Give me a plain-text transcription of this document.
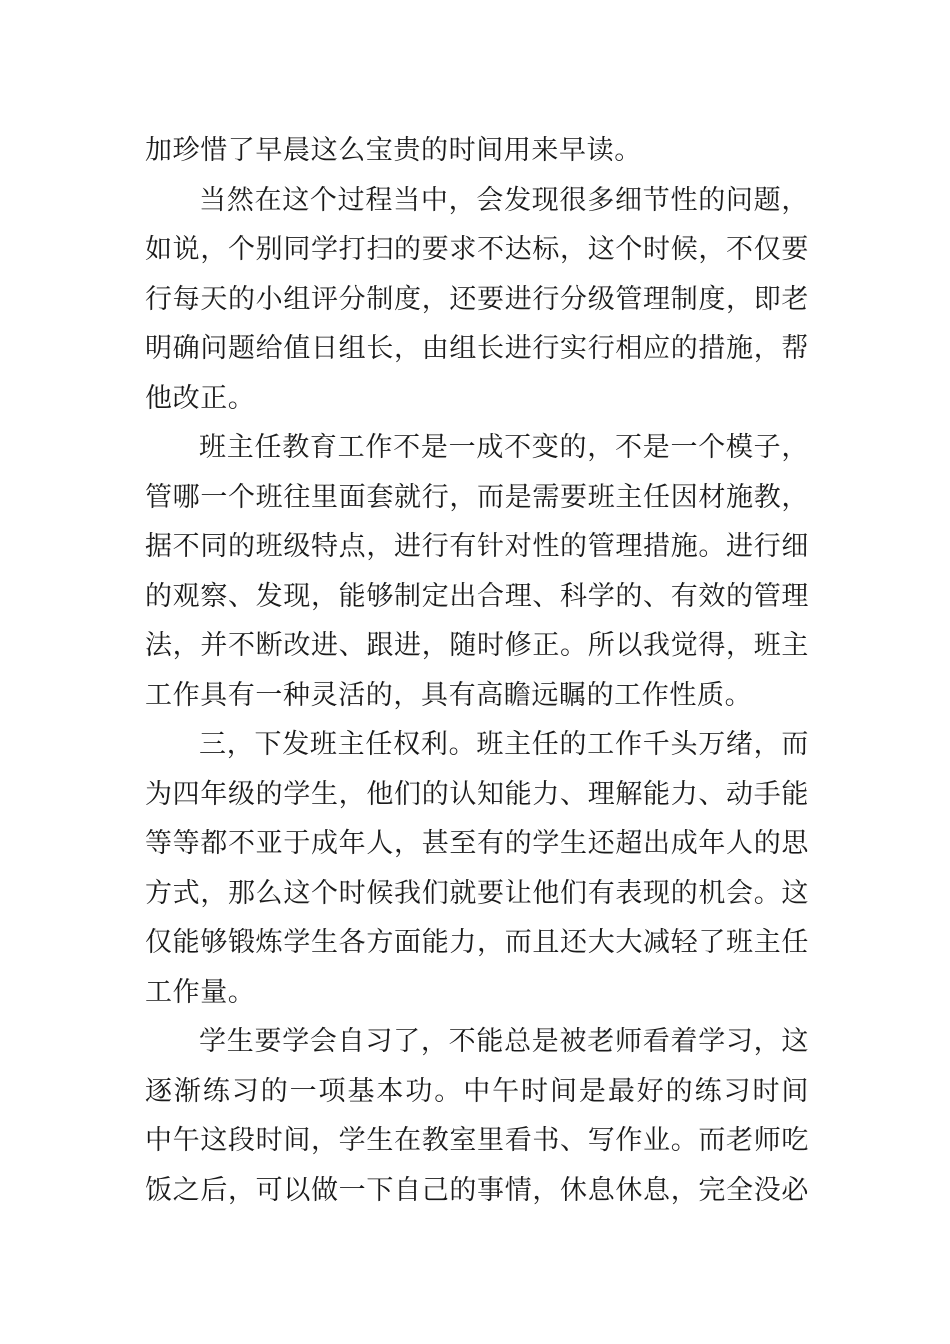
加珍惜了早晨这么宝贵的时间用来早读。
当然在这个过程当中，会发现很多细节性的问题，
如说，个别同学打扫的要求不达标，这个时候，不仅要
行每天的小组评分制度，还要进行分级管理制度，即老
明确问题给值日组长，由组长进行实行相应的措施，帮
他改正。
班主任教育工作不是一成不变的，不是一个模子，
管哪一个班往里面套就行，而是需要班主任因材施教，
据不同的班级特点，进行有针对性的管理措施。进行细
的观察、发现，能够制定出合理、科学的、有效的管理
法，并不断改进、跟进，随时修正。所以我觉得，班主
工作具有一种灵活的，具有高瞻远瞩的工作性质。
三，下发班主任权利。班主任的工作千头万绪，而
为四年级的学生，他们的认知能力、理解能力、动手能
等等都不亚于成年人，甚至有的学生还超出成年人的思
方式，那么这个时候我们就要让他们有表现的机会。这
仅能够锻炼学生各方面能力，而且还大大减轻了班主任
工作量。
学生要学会自习了，不能总是被老师看着学习，这
逐渐练习的一项基本功。中午时间是最好的练习时间
中午这段时间，学生在教室里看书、写作业。而老师吃
饭之后，可以做一下自己的事情，休息休息，完全没必
